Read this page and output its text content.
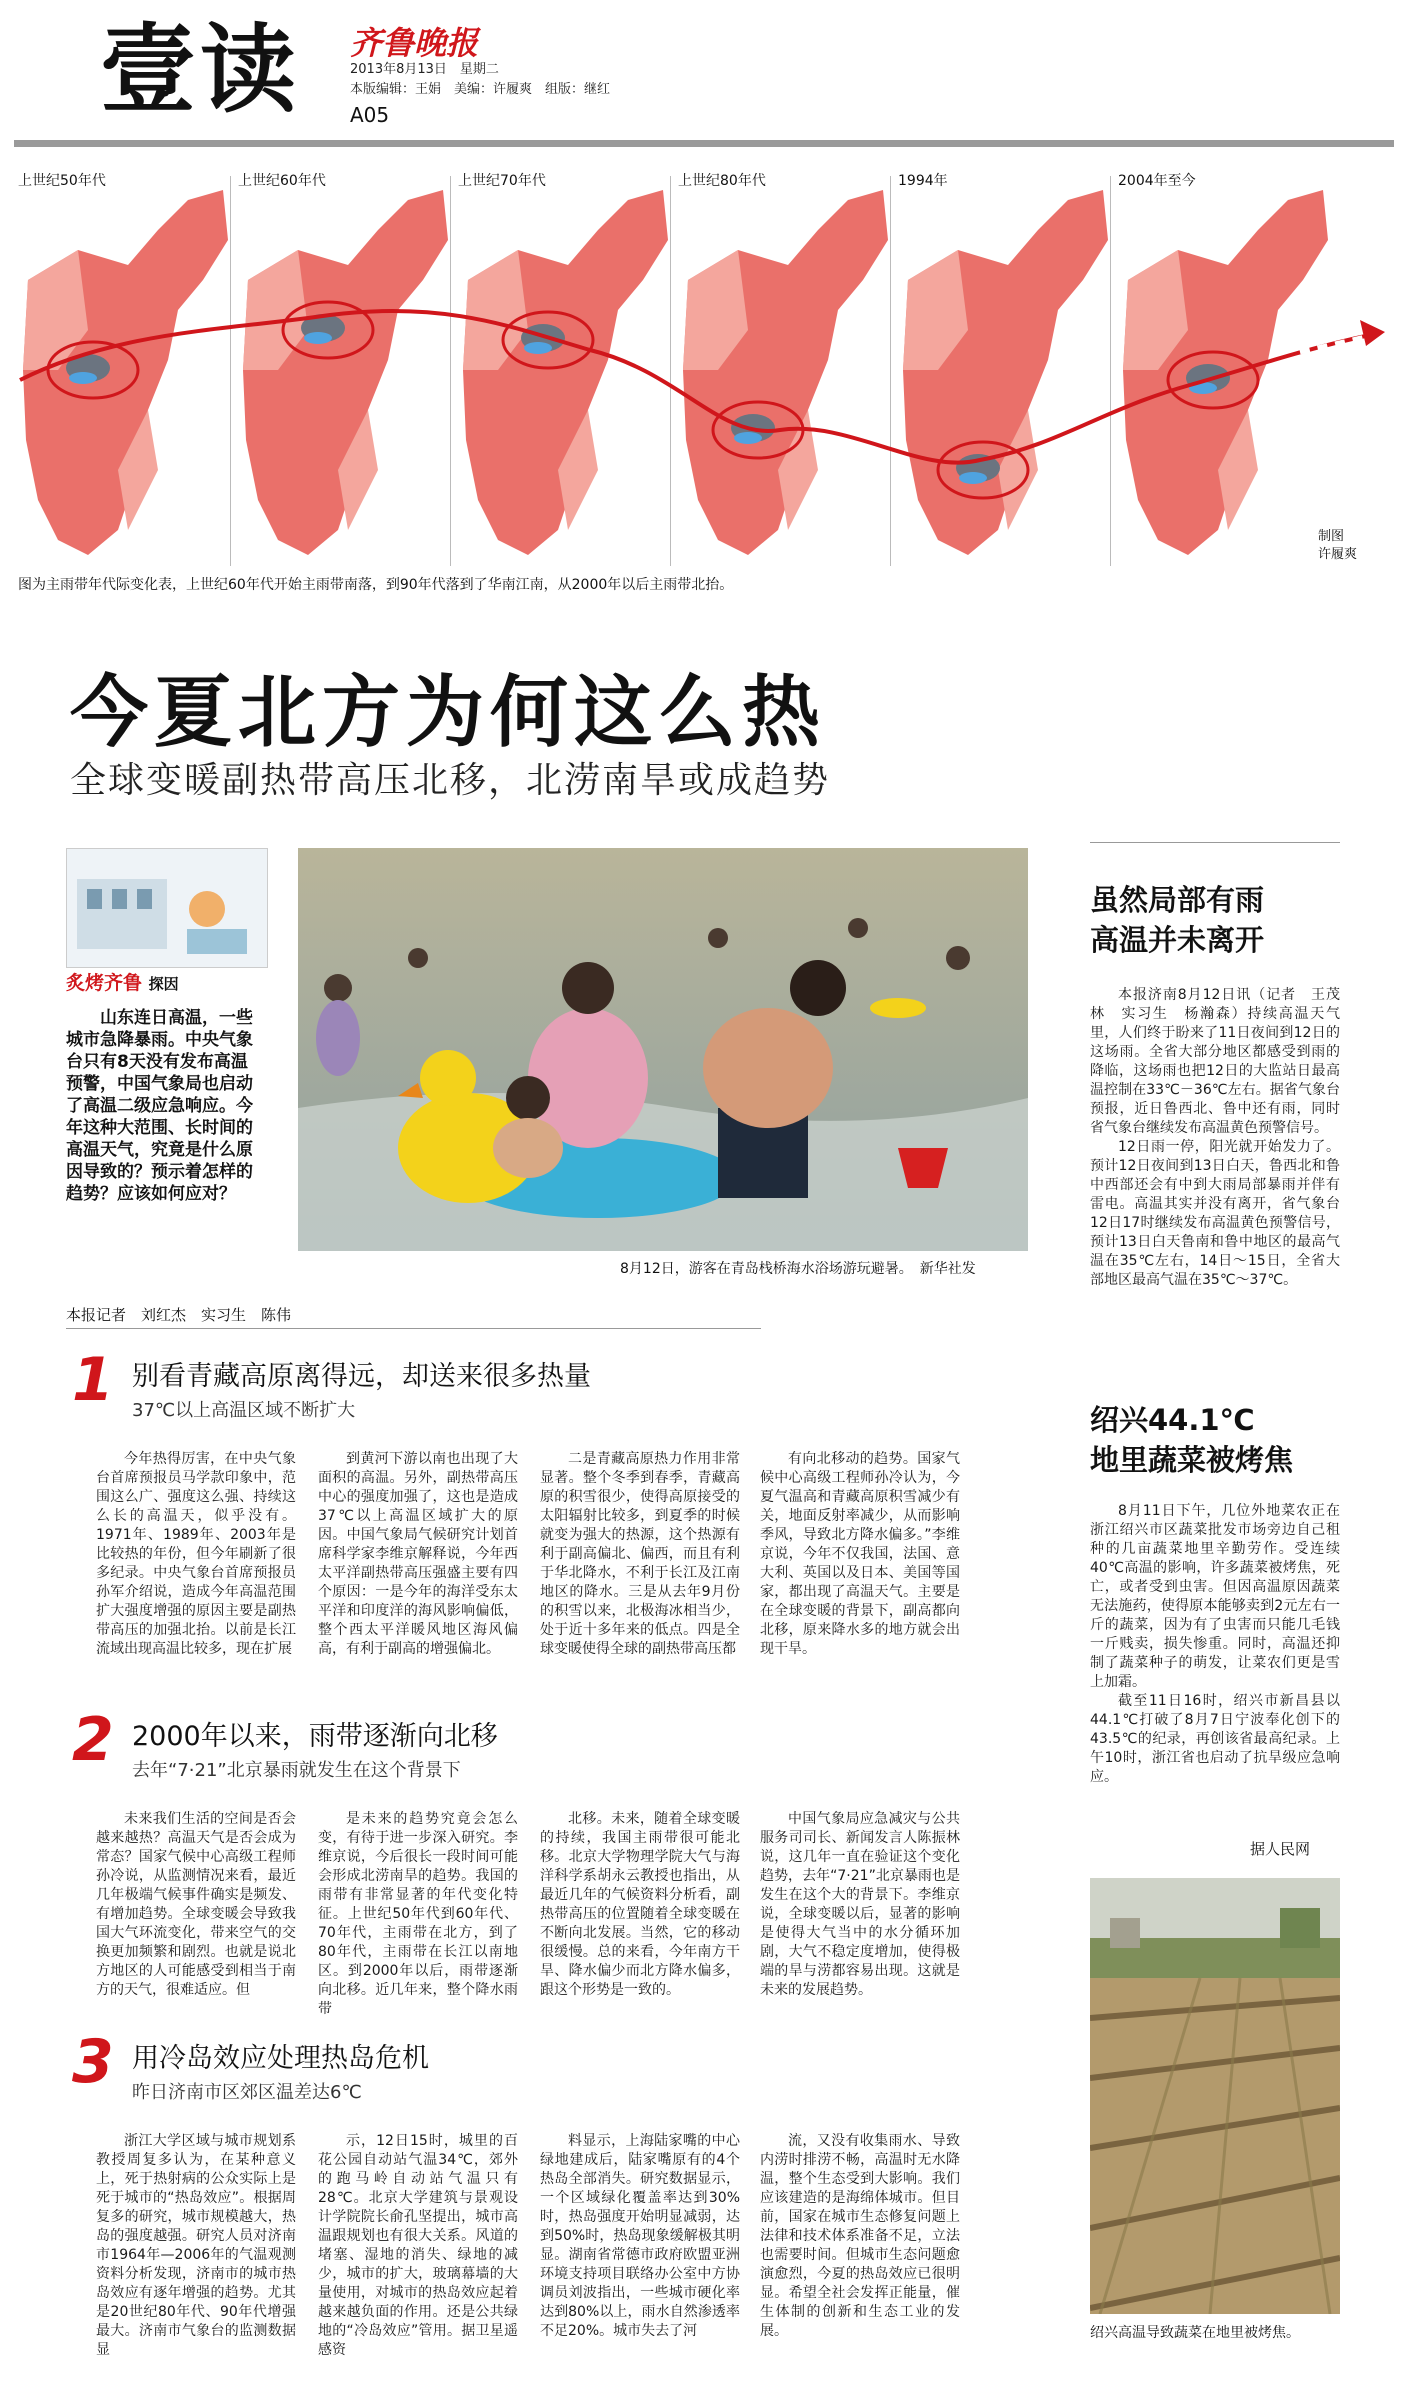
壹读 齐鲁晚报
2013年8月13日　星期二
本版编辑：王娟　美编：许履爽　组版：继红
A05
上世纪50年代	上世纪60年代	上世纪70年代	上世纪80年代	1994年	2004年至今
图为主雨带年代际变化表，上世纪60年代开始主雨带南落，到90年代落到了华南江南，从2000年以后主雨带北抬。
制图
许履爽
今夏北方为何这么热
全球变暖副热带高压北移，北涝南旱或成趋势
炙烤齐鲁 探因
山东连日高温，一些城市急降暴雨。中央气象台只有8天没有发布高温预警，中国气象局也启动了高温二级应急响应。今年这种大范围、长时间的高温天气，究竟是什么原因导致的？预示着怎样的趋势？应该如何应对？
8月12日，游客在青岛栈桥海水浴场游玩避暑。　新华社发
本报记者　刘红杰　实习生　陈伟
1 别看青藏高原离得远，却送来很多热量
37℃以上高温区域不断扩大

今年热得厉害，在中央气象台首席预报员马学款印象中，范围这么广、强度这么强、持续这么长的高温天，似乎没有。1971年、1989年、2003年是比较热的年份，但今年刷新了很多纪录。中央气象台首席预报员孙军介绍说，造成今年高温范围扩大强度增强的原因主要是副热带高压的加强北抬。以前是长江流域出现高温比较多，现在扩展

到黄河下游以南也出现了大面积的高温。另外，副热带高压中心的强度加强了，这也是造成37℃以上高温区域扩大的原因。中国气象局气候研究计划首席科学家李维京解释说，今年西太平洋副热带高压强盛主要有四个原因：一是今年的海洋受东太平洋和印度洋的海风影响偏低，整个西太平洋暖风地区海风偏高，有利于副高的增强偏北。

二是青藏高原热力作用非常显著。整个冬季到春季，青藏高原的积雪很少，使得高原接受的太阳辐射比较多，到夏季的时候就变为强大的热源，这个热源有利于副高偏北、偏西，而且有利于华北降水，不利于长江及江南地区的降水。三是从去年9月份的积雪以来，北极海冰相当少，处于近十多年来的低点。四是全球变暖使得全球的副热带高压都

有向北移动的趋势。国家气候中心高级工程师孙冷认为，今夏气温高和青藏高原积雪减少有关，地面反射率减少，从而影响季风，导致北方降水偏多。”李维京说，今年不仅我国，法国、意大利、英国以及日本、美国等国家，都出现了高温天气。主要是在全球变暖的背景下，副高都向北移，原来降水多的地方就会出现干旱。

2 2000年以来，雨带逐渐向北移
去年“7·21”北京暴雨就发生在这个背景下

未来我们生活的空间是否会越来越热？高温天气是否会成为常态？国家气候中心高级工程师孙冷说，从监测情况来看，最近几年极端气候事件确实是频发、有增加趋势。全球变暖会导致我国大气环流变化，带来空气的交换更加频繁和剧烈。也就是说北方地区的人可能感受到相当于南方的天气，很难适应。但

是未来的趋势究竟会怎么变，有待于进一步深入研究。李维京说，今后很长一段时间可能会形成北涝南旱的趋势。我国的雨带有非常显著的年代变化特征。上世纪50年代到60年代、70年代，主雨带在北方，到了80年代，主雨带在长江以南地区。到2000年以后，雨带逐渐向北移。近几年来，整个降水雨带

北移。未来，随着全球变暖的持续，我国主雨带很可能北移。北京大学物理学院大气与海洋科学系胡永云教授也指出，从最近几年的气候资料分析看，副热带高压的位置随着全球变暖在不断向北发展。当然，它的移动很缓慢。总的来看，今年南方干旱、降水偏少而北方降水偏多，跟这个形势是一致的。

中国气象局应急减灾与公共服务司司长、新闻发言人陈振林说，这几年一直在验证这个变化趋势，去年“7·21”北京暴雨也是发生在这个大的背景下。李维京说，全球变暖以后，显著的影响是使得大气当中的水分循环加剧，大气不稳定度增加，使得极端的旱与涝都容易出现。这就是未来的发展趋势。

3 用冷岛效应处理热岛危机
昨日济南市区郊区温差达6℃

浙江大学区域与城市规划系教授周复多认为，在某种意义上，死于热射病的公众实际上是死于城市的“热岛效应”。根据周复多的研究，城市规模越大，热岛的强度越强。研究人员对济南市1964年—2006年的气温观测资料分析发现，济南市的城市热岛效应有逐年增强的趋势。尤其是20世纪80年代、90年代增强最大。济南市气象台的监测数据显

示，12日15时，城里的百花公园自动站气温34℃，郊外的跑马岭自动站气温只有28℃。北京大学建筑与景观设计学院院长俞孔坚提出，城市高温跟规划也有很大关系。风道的堵塞、湿地的消失、绿地的减少，城市的扩大，玻璃幕墙的大量使用，对城市的热岛效应起着越来越负面的作用。还是公共绿地的“冷岛效应”管用。据卫星遥感资

料显示，上海陆家嘴的中心绿地建成后，陆家嘴原有的4个热岛全部消失。研究数据显示，一个区域绿化覆盖率达到30%时，热岛强度开始明显减弱，达到50%时，热岛现象缓解极其明显。湖南省常德市政府欧盟亚洲环境支持项目联络办公室中方协调员刘波指出，一些城市硬化率达到80%以上，雨水自然渗透率不足20%。城市失去了河

流，又没有收集雨水、导致内涝时排涝不畅，高温时无水降温，整个生态受到大影响。我们应该建造的是海绵体城市。但目前，国家在城市生态修复问题上法律和技术体系准备不足，立法也需要时间。但城市生态问题愈演愈烈，今夏的热岛效应已很明显。希望全社会发挥正能量，催生体制的创新和生态工业的发展。

虽然局部有雨
高温并未离开

本报济南8月12日讯（记者　王茂林　实习生　杨瀚森）持续高温天气里，人们终于盼来了11日夜间到12日的这场雨。全省大部分地区都感受到雨的降临，这场雨也把12日的大监站日最高温控制在33℃－36℃左右。据省气象台预报，近日鲁西北、鲁中还有雨，同时省气象台继续发布高温黄色预警信号。

12日雨一停，阳光就开始发力了。预计12日夜间到13日白天，鲁西北和鲁中西部还会有中到大雨局部暴雨并伴有雷电。高温其实并没有离开，省气象台12日17时继续发布高温黄色预警信号，预计13日白天鲁南和鲁中地区的最高气温在35℃左右，14日～15日，全省大部地区最高气温在35℃～37℃。

绍兴44.1℃
地里蔬菜被烤焦

8月11日下午，几位外地菜农正在浙江绍兴市区蔬菜批发市场旁边自己租种的几亩蔬菜地里辛勤劳作。受连续40℃高温的影响，许多蔬菜被烤焦，死亡，或者受到虫害。但因高温原因蔬菜无法施药，使得原本能够卖到2元左右一斤的蔬菜，因为有了虫害而只能几毛钱一斤贱卖，损失惨重。同时，高温还抑制了蔬菜种子的萌发，让菜农们更是雪上加霜。

截至11日16时，绍兴市新昌县以44.1℃打破了8月7日宁波奉化创下的43.5℃的纪录，再创该省最高纪录。上午10时，浙江省也启动了抗旱级应急响应。

据人民网
绍兴高温导致蔬菜在地里被烤焦。
